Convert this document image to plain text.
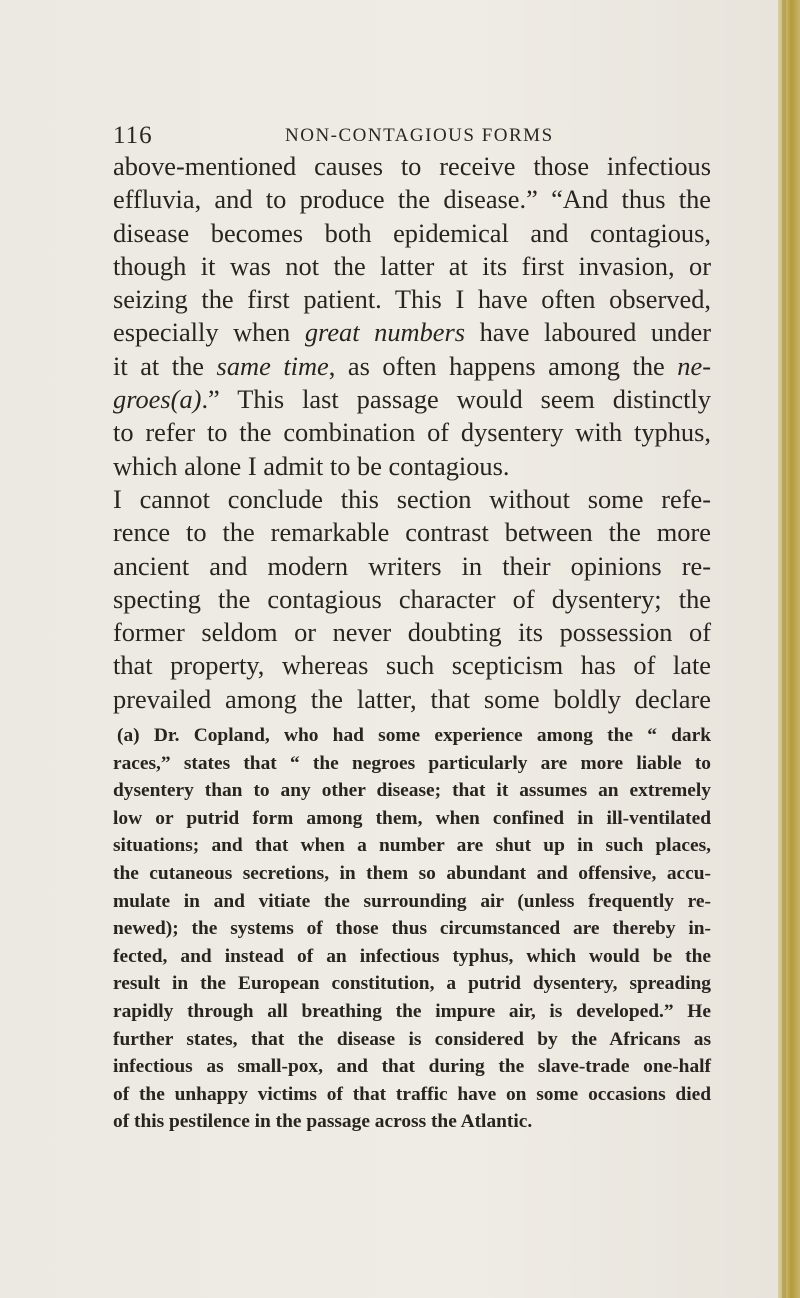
116	NON-CONTAGIOUS FORMS
above-mentioned causes to receive those infectious
effluvia, and to produce the disease.” “And thus the
disease becomes both epidemical and contagious,
though it was not the latter at its first invasion, or
seizing the first patient. This I have often observed,
especially when great numbers have laboured under
it at the same time, as often happens among the ne-
groes(a).” This last passage would seem distinctly
to refer to the combination of dysentery with typhus,
which alone I admit to be contagious.
I cannot conclude this section without some refe-
rence to the remarkable contrast between the more
ancient and modern writers in their opinions re-
specting the contagious character of dysentery; the
former seldom or never doubting its possession of
that property, whereas such scepticism has of late
prevailed among the latter, that some boldly declare
(a) Dr. Copland, who had some experience among the “ dark
races,” states that “ the negroes particularly are more liable to
dysentery than to any other disease; that it assumes an extremely
low or putrid form among them, when confined in ill-ventilated
situations; and that when a number are shut up in such places,
the cutaneous secretions, in them so abundant and offensive, accu-
mulate in and vitiate the surrounding air (unless frequently re-
newed); the systems of those thus circumstanced are thereby in-
fected, and instead of an infectious typhus, which would be the
result in the European constitution, a putrid dysentery, spreading
rapidly through all breathing the impure air, is developed.” He
further states, that the disease is considered by the Africans as
infectious as small-pox, and that during the slave-trade one-half
of the unhappy victims of that traffic have on some occasions died
of this pestilence in the passage across the Atlantic.
